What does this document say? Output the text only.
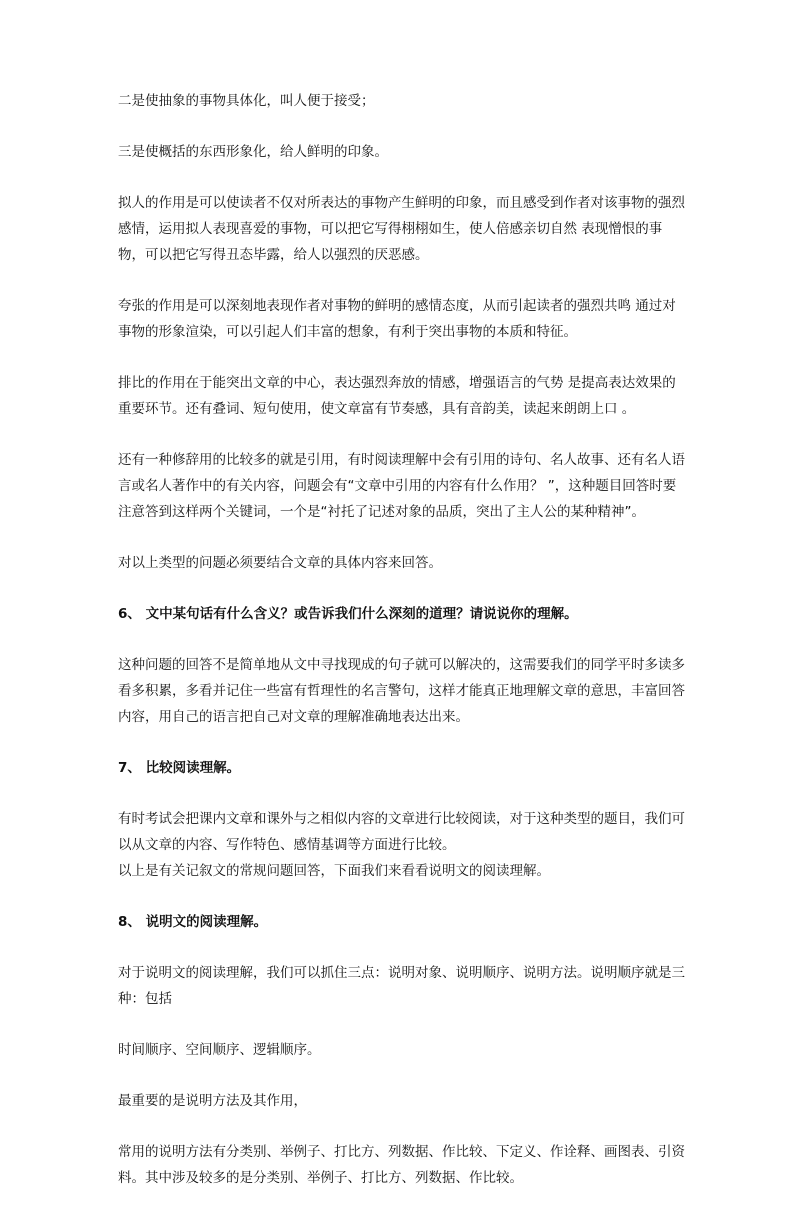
二是使抽象的事物具体化，叫人便于接受；

三是使概括的东西形象化，给人鲜明的印象。

拟人的作用是可以使读者不仅对所表达的事物产生鲜明的印象，而且感受到作者对该事物的强烈感情，运用拟人表现喜爱的事物，可以把它写得栩栩如生，使人倍感亲切自然 表现憎恨的事物，可以把它写得丑态毕露，给人以强烈的厌恶感。

夸张的作用是可以深刻地表现作者对事物的鲜明的感情态度，从而引起读者的强烈共鸣 通过对事物的形象渲染，可以引起人们丰富的想象，有利于突出事物的本质和特征。

排比的作用在于能突出文章的中心，表达强烈奔放的情感，增强语言的气势 是提高表达效果的重要环节。还有叠词、短句使用，使文章富有节奏感，具有音韵美，读起来朗朗上口 。

还有一种修辞用的比较多的就是引用，有时阅读理解中会有引用的诗句、名人故事、还有名人语言或名人著作中的有关内容，问题会有“文章中引用的内容有什么作用？ ”，这种题目回答时要注意答到这样两个关键词，一个是“衬托了记述对象的品质，突出了主人公的某种精神”。

对以上类型的问题必须要结合文章的具体内容来回答。

6、 文中某句话有什么含义？或告诉我们什么深刻的道理？请说说你的理解。

这种问题的回答不是简单地从文中寻找现成的句子就可以解决的，这需要我们的同学平时多读多看多积累，多看并记住一些富有哲理性的名言警句，这样才能真正地理解文章的意思，丰富回答内容，用自己的语言把自己对文章的理解准确地表达出来。

7、 比较阅读理解。

有时考试会把课内文章和课外与之相似内容的文章进行比较阅读，对于这种类型的题目，我们可以从文章的内容、写作特色、感情基调等方面进行比较。

以上是有关记叙文的常规问题回答，下面我们来看看说明文的阅读理解。

8、 说明文的阅读理解。

对于说明文的阅读理解，我们可以抓住三点：说明对象、说明顺序、说明方法。说明顺序就是三种：包括

时间顺序、空间顺序、逻辑顺序。

最重要的是说明方法及其作用，

常用的说明方法有分类别、举例子、打比方、列数据、作比较、下定义、作诠释、画图表、引资料。其中涉及较多的是分类别、举例子、打比方、列数据、作比较。
